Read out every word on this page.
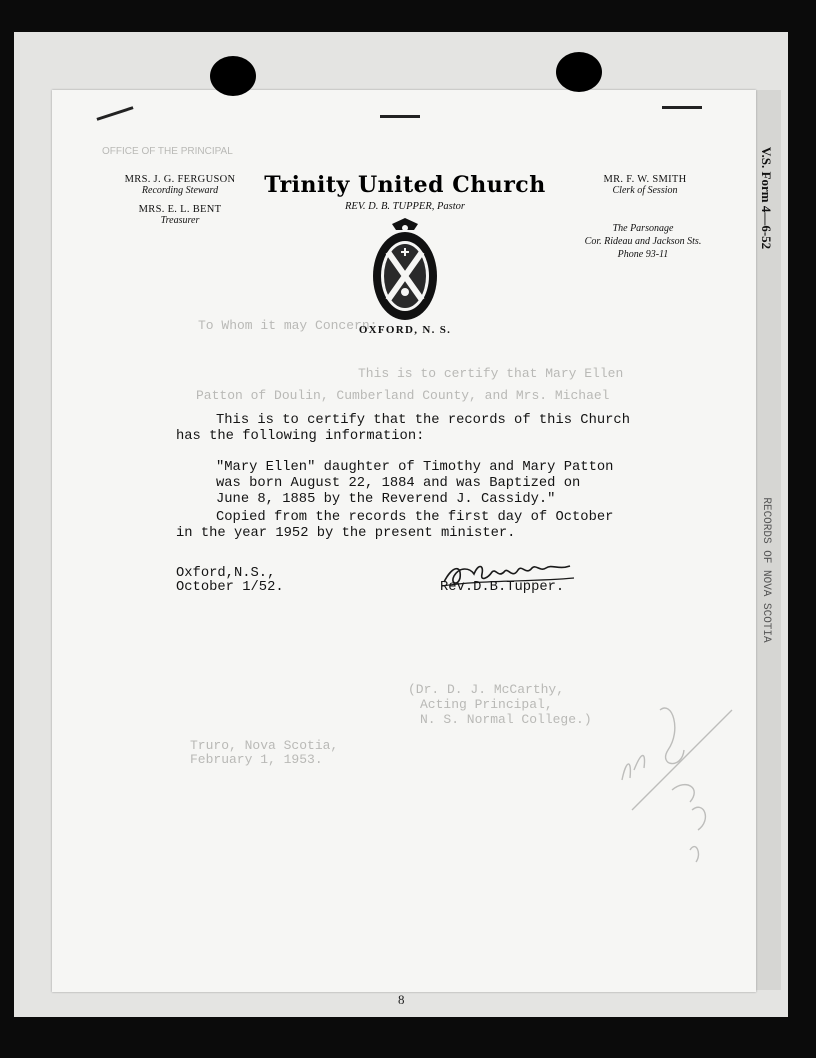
V.S. Form 4—6-52
RECORDS OF NOVA SCOTIA
OFFICE OF THE PRINCIPAL
To Whom it may Concern:
This is to certify that Mary Ellen
Patton of Doulin, Cumberland County, and Mrs. Michael
(Dr. D. J. McCarthy,
Acting Principal,
N. S. Normal College.)
Truro, Nova Scotia,
February 1, 1953.
MRS. J. G. FERGUSON
Recording Steward
MRS. E. L. BENT
Treasurer
MR. F. W. SMITH
Clerk of Session
Trinity United Church
REV. D. B. TUPPER, Pastor
OXFORD, N. S.
The Parsonage
Cor. Rideau and Jackson Sts.
Phone 93-11
This is to certify that the records of this Church
has the following information:
"Mary Ellen" daughter of Timothy and Mary Patton
was born August 22, 1884 and was Baptized on
June 8, 1885 by the Reverend J. Cassidy."
Copied from the records the first day of October
in the year 1952 by the present minister.
Oxford,N.S.,
October 1/52.	Rev.D.B.Tupper.
8
